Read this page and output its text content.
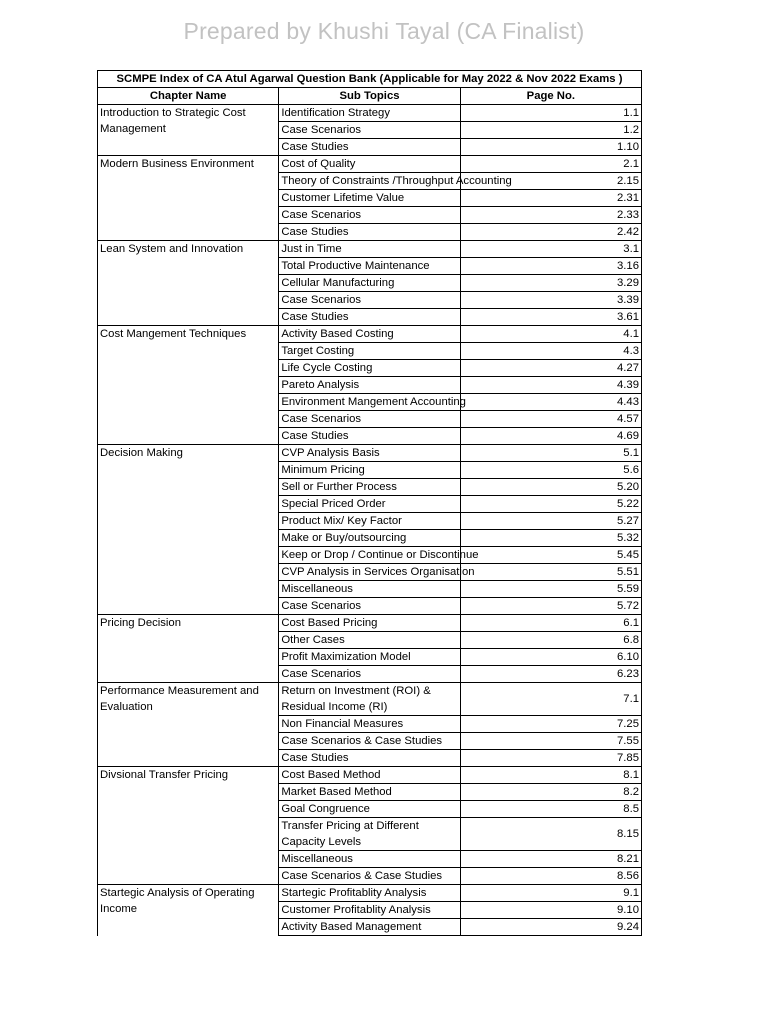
Prepared by Khushi Tayal (CA Finalist)
SCMPE Index of CA Atul Agarwal Question Bank (Applicable for May 2022 & Nov 2022 Exams )		
Chapter Name	Sub Topics	Page No.
Introduction to Strategic Cost Management	Identification Strategy	1.1
	Case Scenarios	1.2
	Case Studies	1.10
Modern Business Environment	Cost of Quality	2.1
	Theory of Constraints /Throughput Accounting	2.15
	Customer Lifetime Value	2.31
	Case Scenarios	2.33
	Case Studies	2.42
Lean System and Innovation	Just in Time	3.1
	Total Productive Maintenance	3.16
	Cellular Manufacturing	3.29
	Case Scenarios	3.39
	Case Studies	3.61
Cost Mangement Techniques	Activity Based Costing	4.1
	Target Costing	4.3
	Life Cycle Costing	4.27
	Pareto Analysis	4.39
	Environment Mangement Accounting	4.43
	Case Scenarios	4.57
	Case Studies	4.69
Decision Making	CVP Analysis Basis	5.1
	Minimum Pricing	5.6
	Sell or Further Process	5.20
	Special Priced Order	5.22
	Product Mix/ Key Factor	5.27
	Make or Buy/outsourcing	5.32
	Keep or Drop / Continue or Discontinue	5.45
	CVP Analysis in Services Organisation	5.51
	Miscellaneous	5.59
	Case Scenarios	5.72
Pricing Decision	Cost Based Pricing	6.1
	Other Cases	6.8
	Profit Maximization Model	6.10
	Case Scenarios	6.23
Performance Measurement and Evaluation	Return on Investment (ROI) & Residual Income (RI)	7.1
	Non Financial Measures	7.25
	Case Scenarios & Case Studies	7.55
	Case Studies	7.85
Divsional Transfer Pricing	Cost Based Method	8.1
	Market Based Method	8.2
	Goal Congruence	8.5
	Transfer Pricing at Different Capacity Levels	8.15
	Miscellaneous	8.21
	Case Scenarios & Case Studies	8.56
Startegic Analysis of Operating Income	Startegic Profitablity Analysis	9.1
	Customer Profitablity Analysis	9.10
	Activity Based Management	9.24
